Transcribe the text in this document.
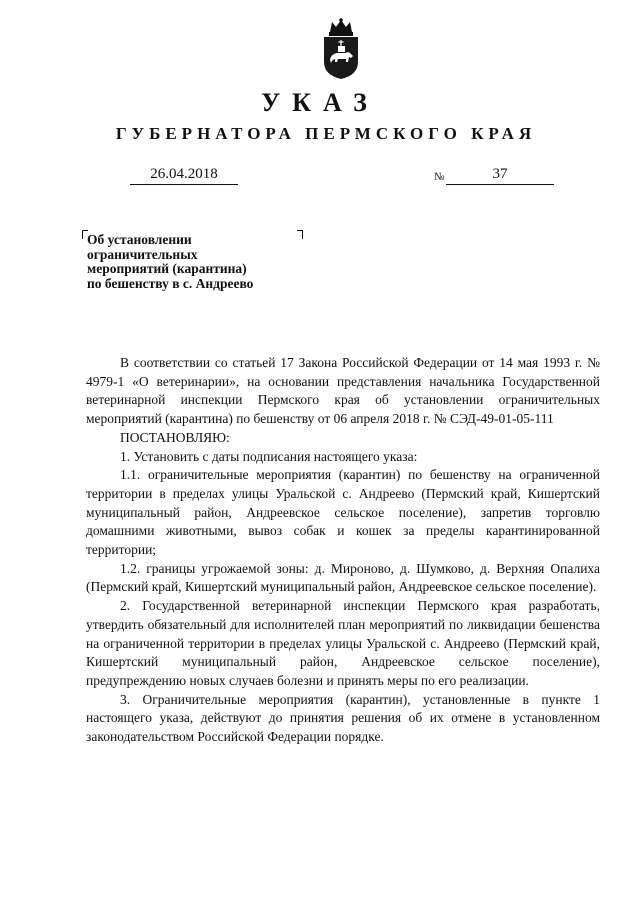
УКАЗ
ГУБЕРНАТОРА ПЕРМСКОГО КРАЯ
26.04.2018	№	37
Об установлении
ограничительных
мероприятий (карантина)
по бешенству в с. Андреево

В соответствии со статьей 17 Закона Российской Федерации от 14 мая 1993 г. № 4979-1 «О ветеринарии», на основании представления начальника Государственной ветеринарной инспекции Пермского края об установлении ограничительных мероприятий (карантина) по бешенству от 06 апреля 2018 г. № СЭД-49-01-05-111

ПОСТАНОВЛЯЮ:

1. Установить с даты подписания настоящего указа:

1.1. ограничительные мероприятия (карантин) по бешенству на ограниченной территории в пределах улицы Уральской с. Андреево (Пермский край, Кишертский муниципальный район, Андреевское сельское поселение), запретив торговлю домашними животными, вывоз собак и кошек за пределы карантинированной территории;

1.2. границы угрожаемой зоны: д. Мироново, д. Шумково, д. Верхняя Опалиха (Пермский край, Кишертский муниципальный район, Андреевское сельское поселение).

2. Государственной ветеринарной инспекции Пермского края разработать, утвердить обязательный для исполнителей план мероприятий по ликвидации бешенства на ограниченной территории в пределах улицы Уральской с. Андреево (Пермский край, Кишертский муниципальный район, Андреевское сельское поселение), предупреждению новых случаев болезни и принять меры по его реализации.

3. Ограничительные мероприятия (карантин), установленные в пункте 1 настоящего указа, действуют до принятия решения об их отмене в установленном законодательством Российской Федерации порядке.
